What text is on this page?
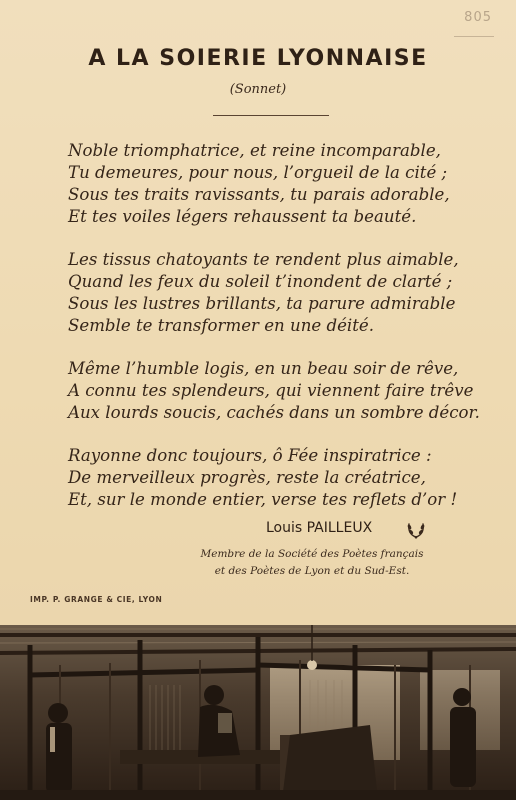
805
A LA SOIERIE LYONNAISE
(Sonnet)
Noble triomphatrice, et reine incomparable,
Tu demeures, pour nous, l’orgueil de la cité ;
Sous tes traits ravissants, tu parais adorable,
Et tes voiles légers rehaussent ta beauté.
Les tissus chatoyants te rendent plus aimable,
Quand les feux du soleil t’inondent de clarté ;
Sous les lustres brillants, ta parure admirable
Semble te transformer en une déité.
Même l’humble logis, en un beau soir de rêve,
A connu tes splendeurs, qui viennent faire trêve
Aux lourds soucis, cachés dans un sombre décor.
Rayonne donc toujours, ô Fée inspiratrice :
De merveilleux progrès, reste la créatrice,
Et, sur le monde entier, verse tes reflets d’or !
Louis PAILLEUX
Membre de la Société des Poètes français
et des Poètes de Lyon et du Sud-Est.
IMP. P. GRANGE & CIE, LYON
